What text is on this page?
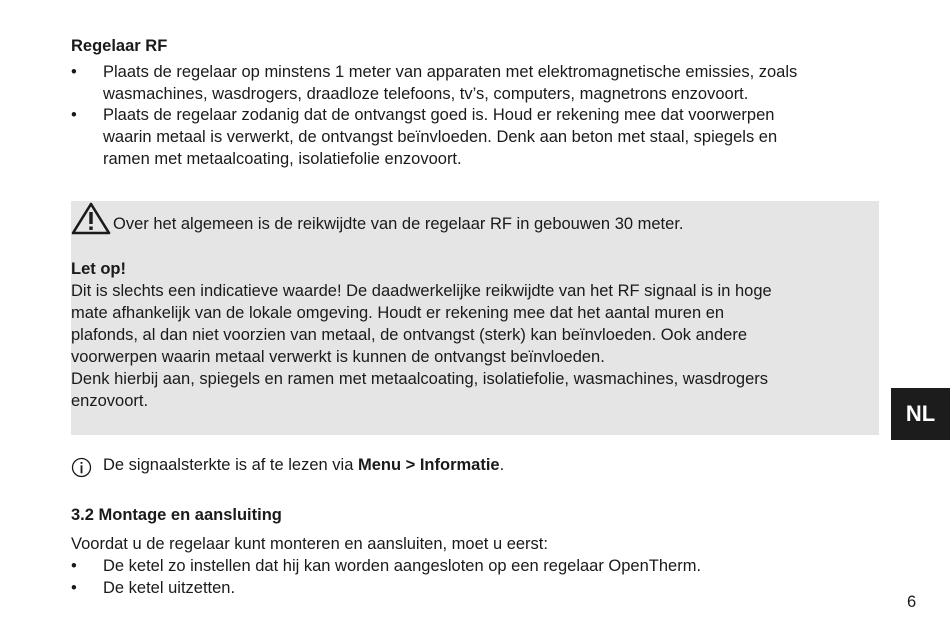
Regelaar RF
•	Plaats de regelaar op minstens 1 meter van apparaten met elektromagnetische emissies, zoals
wasmachines, wasdrogers, draadloze telefoons, tv’s, computers, magnetrons enzovoort.
•	Plaats de regelaar zodanig dat de ontvangst goed is. Houd er rekening mee dat voorwerpen
waarin metaal is verwerkt, de ontvangst beïnvloeden. Denk aan beton met staal, spiegels en
ramen met metaalcoating, isolatiefolie enzovoort.
Over het algemeen is de reikwijdte van de regelaar RF in gebouwen 30 meter.
Let op!
Dit is slechts een indicatieve waarde! De daadwerkelijke reikwijdte van het RF signaal is in hoge
mate afhankelijk van de lokale omgeving. Houdt er rekening mee dat het aantal muren en
plafonds, al dan niet voorzien van metaal, de ontvangst (sterk) kan beïnvloeden. Ook andere
voorwerpen waarin metaal verwerkt is kunnen de ontvangst beïnvloeden.
Denk hierbij aan, spiegels en ramen met metaalcoating, isolatiefolie, wasmachines, wasdrogers
enzovoort.
De signaalsterkte is af te lezen via Menu > Informatie.
3.2 Montage en aansluiting
Voordat u de regelaar kunt monteren en aansluiten, moet u eerst:
•	De ketel zo instellen dat hij kan worden aangesloten op een regelaar OpenTherm.
•	De ketel uitzetten.
NL
6
